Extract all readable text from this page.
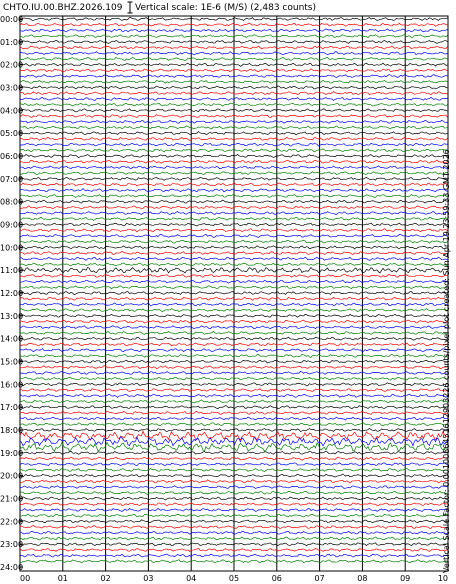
CHTO.IU.00.BHZ.2026.109 Vertical scale: 1E-6 (M/S) (2,483 counts)
00:00
01:00
02:00
03:00
04:00
05:00
06:00
07:00
08:00
09:00
10:00
11:00
12:00
13:00
14:00
15:00
16:00
17:00
18:00
19:00
20:00
21:00
22:00
23:00
24:00
00	01	02	03	04	05	06	07	08	09	10
Vertical Scale Factor: 0.0010086451612903226 counts/pixel plot created: Sun Apr 19 23:59:33 GMT 2026
